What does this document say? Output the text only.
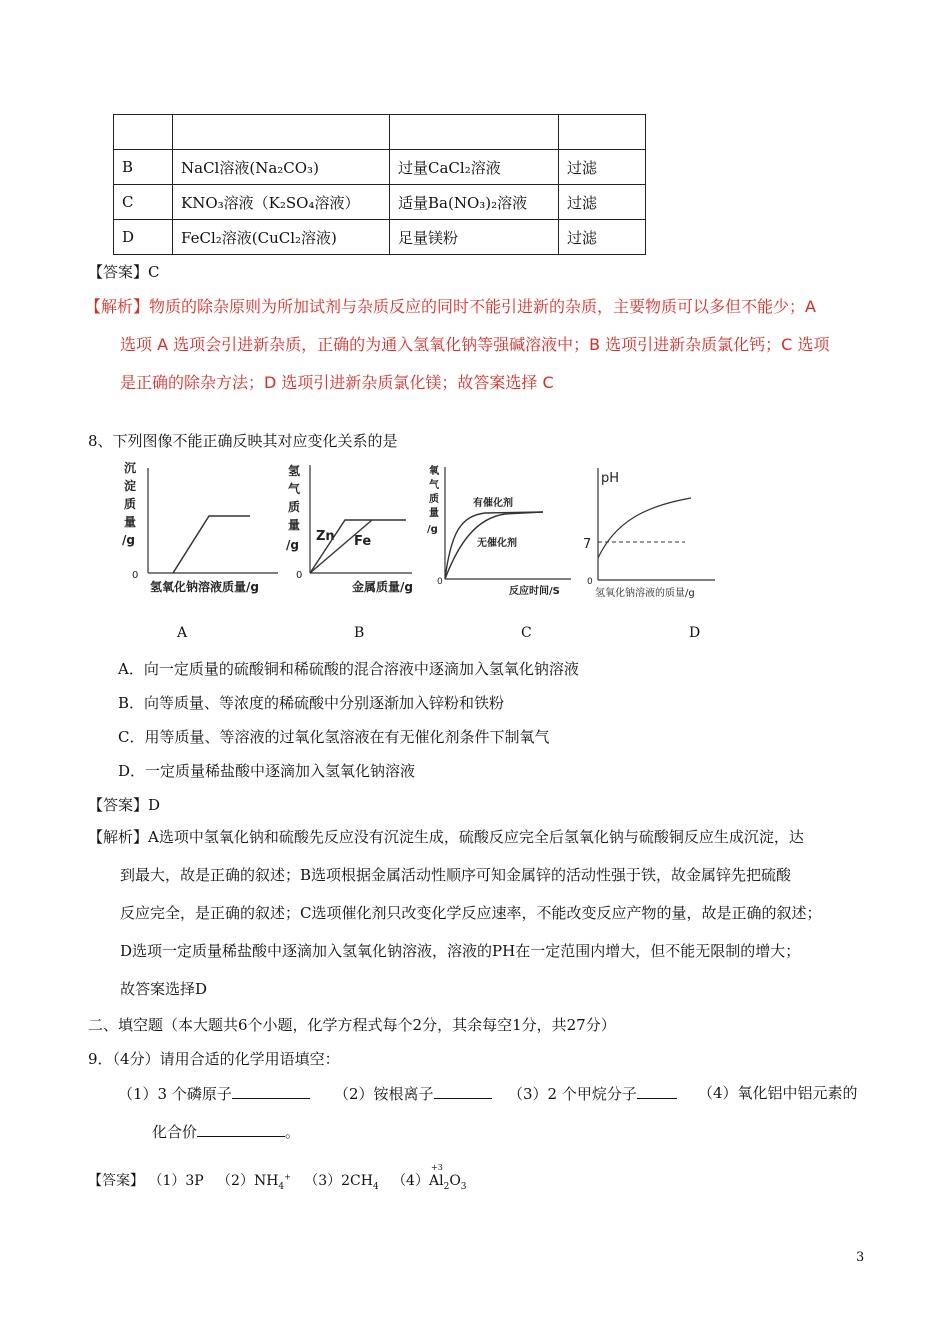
B	NaCl溶液(Na₂CO₃)	过量CaCl₂溶液	过滤
C	KNO₃溶液（K₂SO₄溶液）	适量Ba(NO₃)₂溶液	过滤
D	FeCl₂溶液(CuCl₂溶液)	足量镁粉	过滤
【答案】C
【解析】物质的除杂原则为所加试剂与杂质反应的同时不能引进新的杂质，主要物质可以多但不能少；A
选项 A 选项会引进新杂质，正确的为通入氢氧化钠等强碱溶液中；B 选项引进新杂质氯化钙；C 选项
是正确的除杂方法；D 选项引进新杂质氯化镁；故答案选择 C
8、下列图像不能正确反映其对应变化关系的是
沉
淀
质
量
/g
0
氢氧化钠溶液质量/g
氢
气
质
量
/g
0
金属质量/g
Zn Fe
氧
气
质
量
/g
0
反应时间/S
有催化剂
无催化剂
pH
7
0
氢氧化钠溶液的质量/g
A	B	C	D
A．向一定质量的硫酸铜和稀硫酸的混合溶液中逐滴加入氢氧化钠溶液
B．向等质量、等浓度的稀硫酸中分别逐渐加入锌粉和铁粉
C．用等质量、等溶液的过氧化氢溶液在有无催化剂条件下制氧气
D．一定质量稀盐酸中逐滴加入氢氧化钠溶液
【答案】D
【解析】A选项中氢氧化钠和硫酸先反应没有沉淀生成，硫酸反应完全后氢氧化钠与硫酸铜反应生成沉淀，达
到最大，故是正确的叙述；B选项根据金属活动性顺序可知金属锌的活动性强于铁，故金属锌先把硫酸
反应完全，是正确的叙述；C选项催化剂只改变化学反应速率，不能改变反应产物的量，故是正确的叙述；
D选项一定质量稀盐酸中逐滴加入氢氧化钠溶液，溶液的PH在一定范围内增大，但不能无限制的增大；
故答案选择D
二、填空题（本大题共6个小题，化学方程式每个2分，其余每空1分，共27分）
9．（4分）请用合适的化学用语填空：
（1）3 个磷原子	（2）铵根离子	（3）2 个甲烷分子	（4）氧化铝中铝元素的
化合价	。
【答案】 （1）3P $(2)NH_4^+$ $(3)2CH_4$ （4）
+3
$Al_2O_3$
3
